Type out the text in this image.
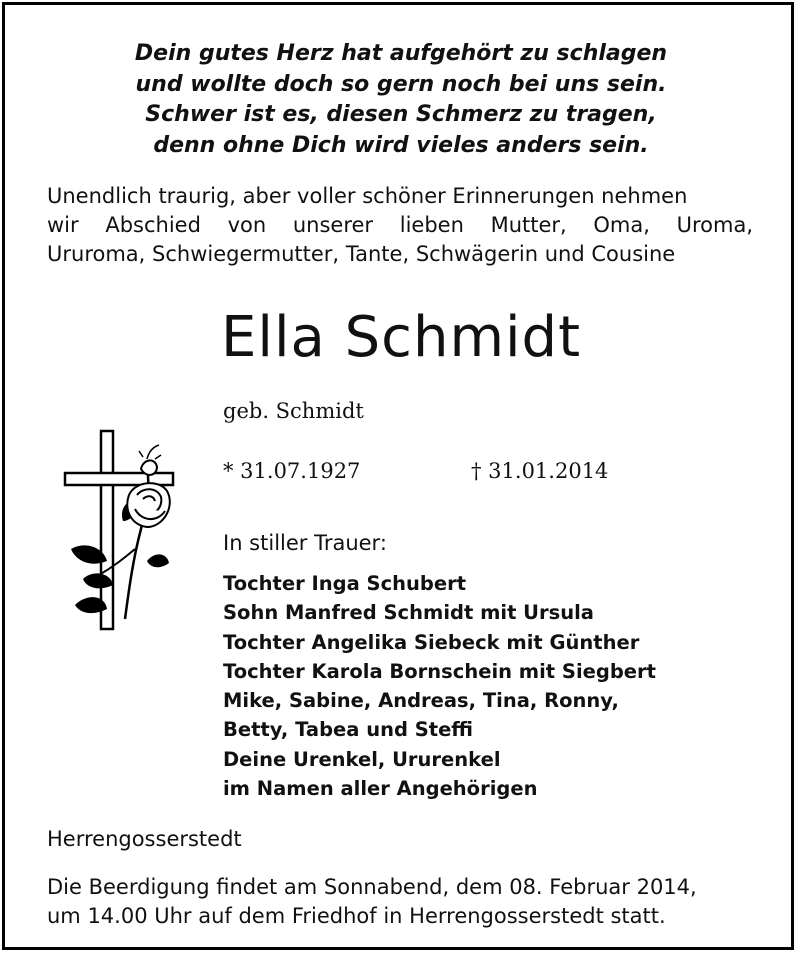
Dein gutes Herz hat aufgehört zu schlagen
und wollte doch so gern noch bei uns sein.
Schwer ist es, diesen Schmerz zu tragen,
denn ohne Dich wird vieles anders sein.
Unendlich traurig, aber voller schöner Erinnerungen nehmen
wir Abschied von unserer lieben Mutter, Oma, Uroma,
Ururoma, Schwiegermutter, Tante, Schwägerin und Cousine
Ella Schmidt
geb. Schmidt
* 31.07.1927	† 31.01.2014
In stiller Trauer:
Tochter Inga Schubert
Sohn Manfred Schmidt mit Ursula
Tochter Angelika Siebeck mit Günther
Tochter Karola Bornschein mit Siegbert
Mike, Sabine, Andreas, Tina, Ronny,
Betty, Tabea und Steffi
Deine Urenkel, Ururenkel
im Namen aller Angehörigen
Herrengosserstedt
Die Beerdigung findet am Sonnabend, dem 08. Februar 2014,
um 14.00 Uhr auf dem Friedhof in Herrengosserstedt statt.
